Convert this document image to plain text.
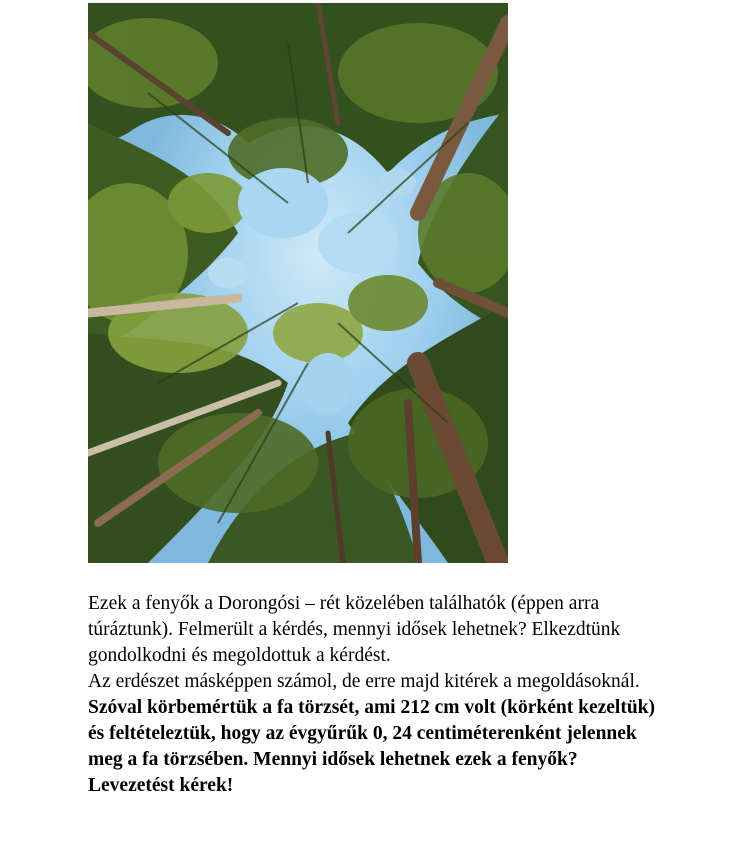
Ezek a fenyők a Dorongósi – rét közelében találhatók (éppen arra túráztunk). Felmerült a kérdés, mennyi idősek lehetnek? Elkezdtünk gondolkodni és megoldottuk a kérdést.

Az erdészet másképpen számol, de erre majd kitérek a megoldásoknál.

Szóval körbemértük a fa törzsét, ami 212 cm volt (körként kezeltük) és feltételeztük, hogy az évgyűrűk 0, 24 centiméterenként jelennek meg a fa törzsében. Mennyi idősek lehetnek ezek a fenyők?

Levezetést kérek!
